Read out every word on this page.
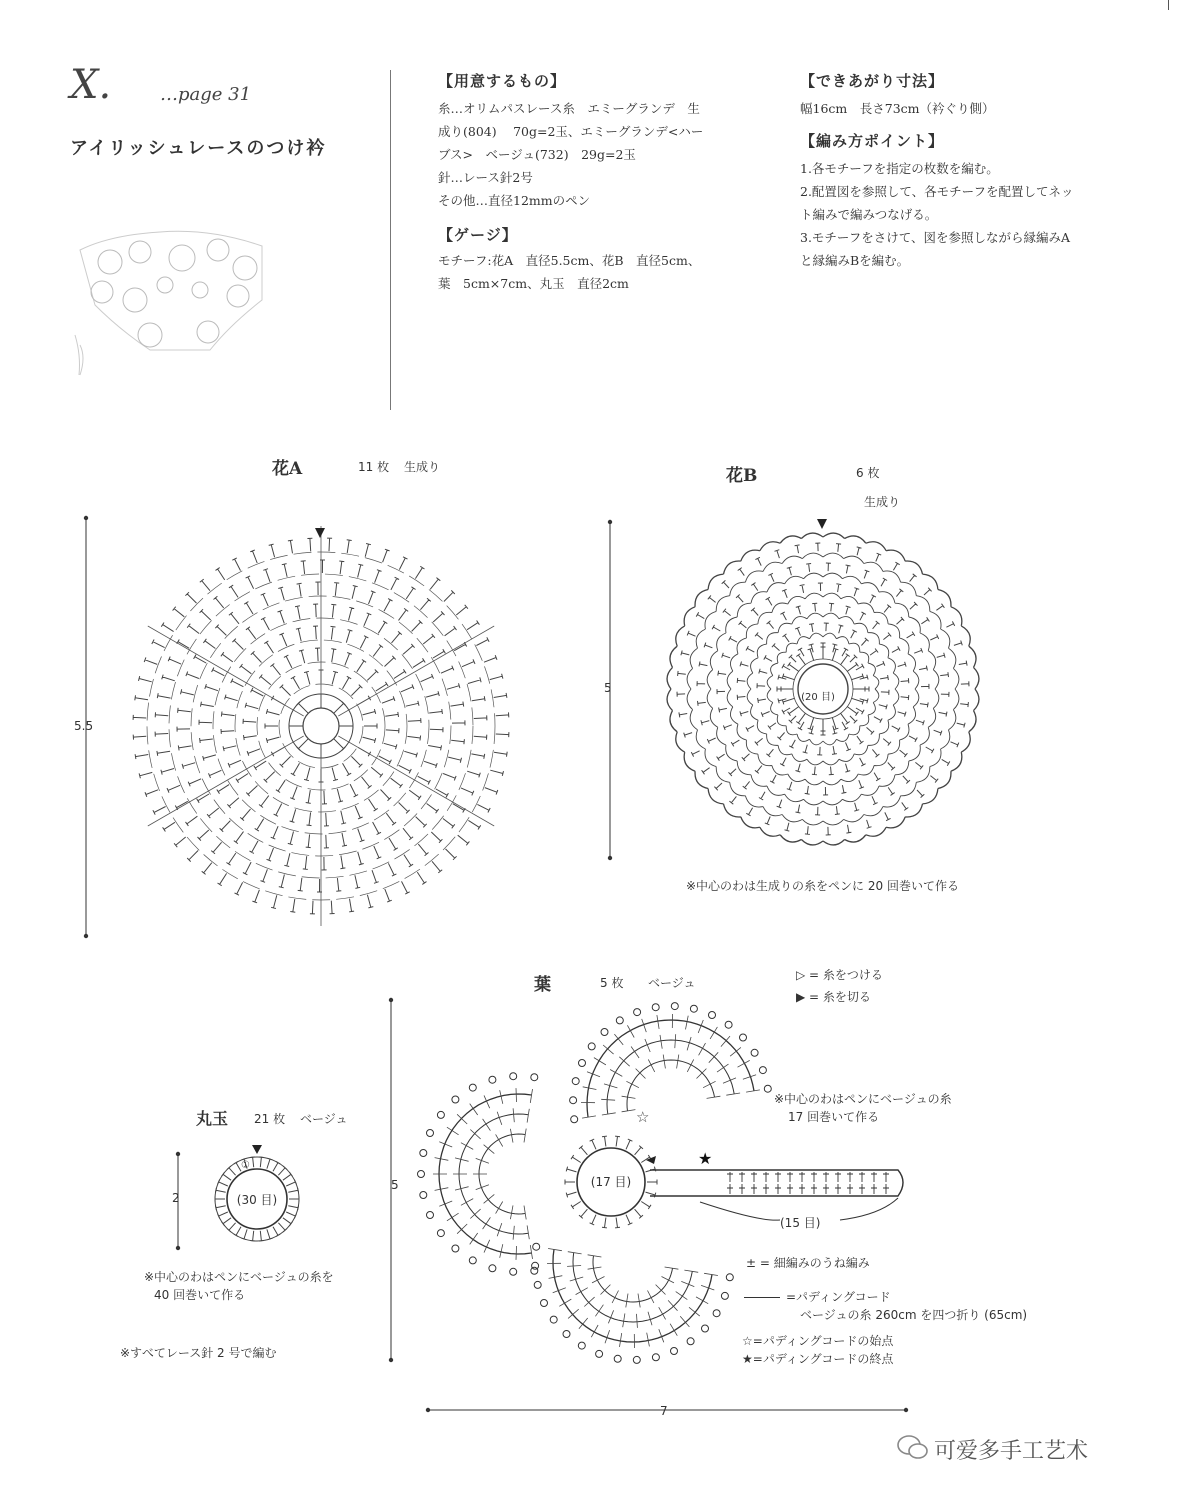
X.	…page 31
アイリッシュレースのつけ衿
【用意するもの】
糸…オリムパスレース糸　エミーグランデ　生
成り(804)　 70g=2玉、エミーグランデ<ハー
ブス>　ベージュ(732)　29g=2玉
針…レース針2号
その他…直径12mmのペン
【ゲージ】
モチーフ:花A　直径5.5cm、花B　直径5cm、
葉　5cm×7cm、丸玉　直径2cm
【できあがり寸法】
幅16cm　長さ73cm（衿ぐり側）
【編み方ポイント】
1.各モチーフを指定の枚数を編む。
2.配置図を参照して、各モチーフを配置してネッ
ト編みで編みつなげる。
3.モチーフをさけて、図を参照しながら縁編みA
と縁編みBを編む。
花A	11 枚 生成り
5.5
花B	6 枚
生成り
5
(20 目)
※中心のわは生成りの糸をペンに 20 回巻いて作る
葉	5 枚 ベージュ
5
7
(17 目)
(15 目)
※中心のわはペンにベージュの糸
17 回巻いて作る
★
☆
▷ = 糸をつける
▶ = 糸を切る
± = 細編みのうね編み
=パディングコード
ベージュの糸 260cm を四つ折り (65cm)
☆=パディングコードの始点
★=パディングコードの終点
丸玉 21 枚 ベージュ
2	(30 目)
①
※中心のわはペンにベージュの糸を
40 回巻いて作る
※すべてレース針 2 号で編む
可爱多手工艺术
